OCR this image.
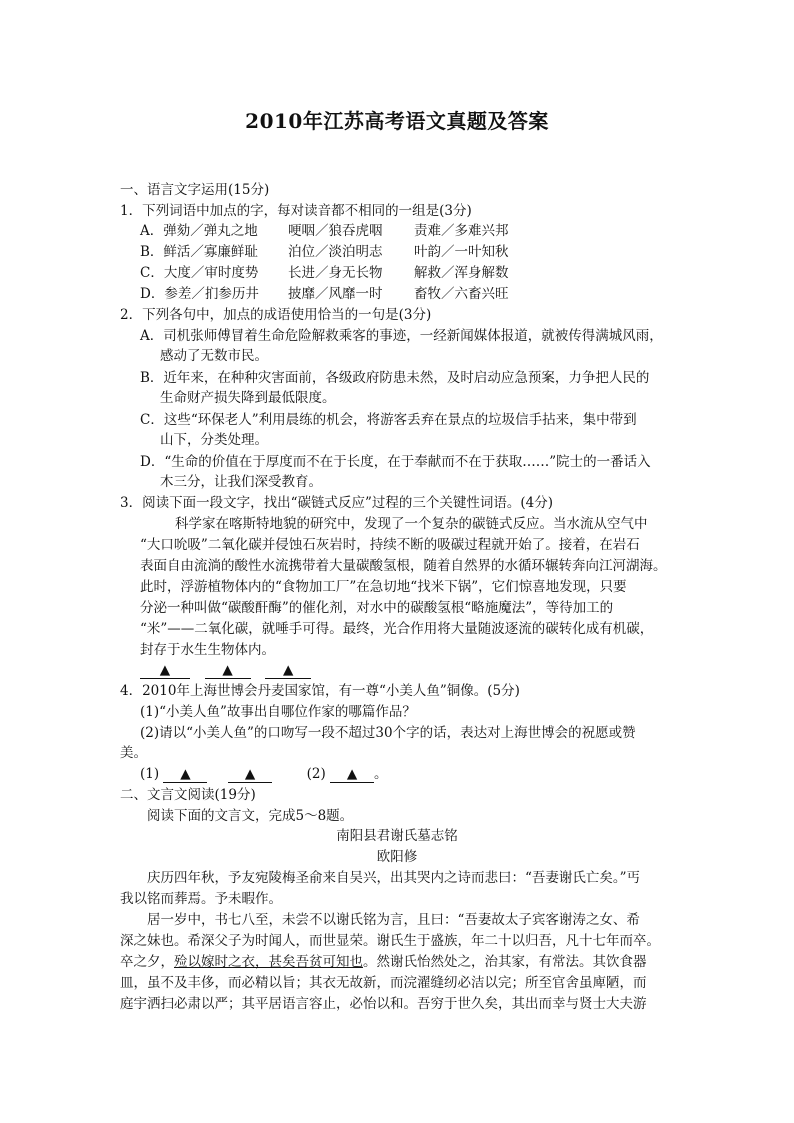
2010年江苏高考语文真题及答案
一、语言文字运用(15分)
1．下列词语中加点的字，每对读音都不相同的一组是(3分)
A．弹劾／弹丸之地 哽咽／狼吞虎咽 责难／多难兴邦
B．鲜活／寡廉鲜耻 泊位／淡泊明志 叶韵／一叶知秋
C．大度／审时度势 长进／身无长物 解救／浑身解数
D．参差／扪参历井 披靡／风靡一时 畜牧／六畜兴旺
2．下列各句中，加点的成语使用恰当的一句是(3分)
A．司机张师傅冒着生命危险解救乘客的事迹，一经新闻媒体报道，就被传得满城风雨，
感动了无数市民。
B．近年来，在种种灾害面前，各级政府防患未然，及时启动应急预案，力争把人民的
生命财产损失降到最低限度。
C．这些“环保老人”利用晨练的机会，将游客丢弃在景点的垃圾信手拈来，集中带到
山下，分类处理。
D．“生命的价值在于厚度而不在于长度，在于奉献而不在于获取……”院士的一番话入
木三分，让我们深受教育。
3．阅读下面一段文字，找出“碳链式反应”过程的三个关键性词语。(4分)
科学家在喀斯特地貌的研究中，发现了一个复杂的碳链式反应。当水流从空气中
“大口吮吸”二氧化碳并侵蚀石灰岩时，持续不断的吸碳过程就开始了。接着，在岩石
表面自由流淌的酸性水流携带着大量碳酸氢根，随着自然界的水循环辗转奔向江河湖海。
此时，浮游植物体内的“食物加工厂”在急切地“找米下锅”，它们惊喜地发现，只要
分泌一种叫做“碳酸酐酶”的催化剂，对水中的碳酸氢根“略施魔法”，等待加工的
“米”——二氧化碳，就唾手可得。最终，光合作用将大量随波逐流的碳转化成有机碳，
封存于水生生物体内。
▲	▲	▲
4．2010年上海世博会丹麦国家馆，有一尊“小美人鱼”铜像。(5分)
(1)“小美人鱼”故事出自哪位作家的哪篇作品？
(2)请以“小美人鱼”的口吻写一段不超过30个字的话，表达对上海世博会的祝愿或赞
美。
(1) ▲	▲	(2) ▲ 。
二、文言文阅读(19分)
阅读下面的文言文，完成5～8题。
南阳县君谢氏墓志铭
欧阳修
庆历四年秋，予友宛陵梅圣俞来自吴兴，出其哭内之诗而悲曰：“吾妻谢氏亡矣。”丐
我以铭而葬焉。予未暇作。
居一岁中，书七八至，未尝不以谢氏铭为言，且曰：“吾妻故太子宾客谢涛之女、希
深之妹也。希深父子为时闻人，而世显荣。谢氏生于盛族，年二十以归吾，凡十七年而卒。
卒之夕，殓以嫁时之衣，甚矣吾贫可知也。然谢氏怡然处之，治其家，有常法。其饮食器
皿，虽不及丰侈，而必精以旨；其衣无故新，而浣濯缝纫必洁以完；所至官舍虽庳陋，而
庭宇洒扫必肃以严；其平居语言容止，必怡以和。吾穷于世久矣，其出而幸与贤士大夫游
